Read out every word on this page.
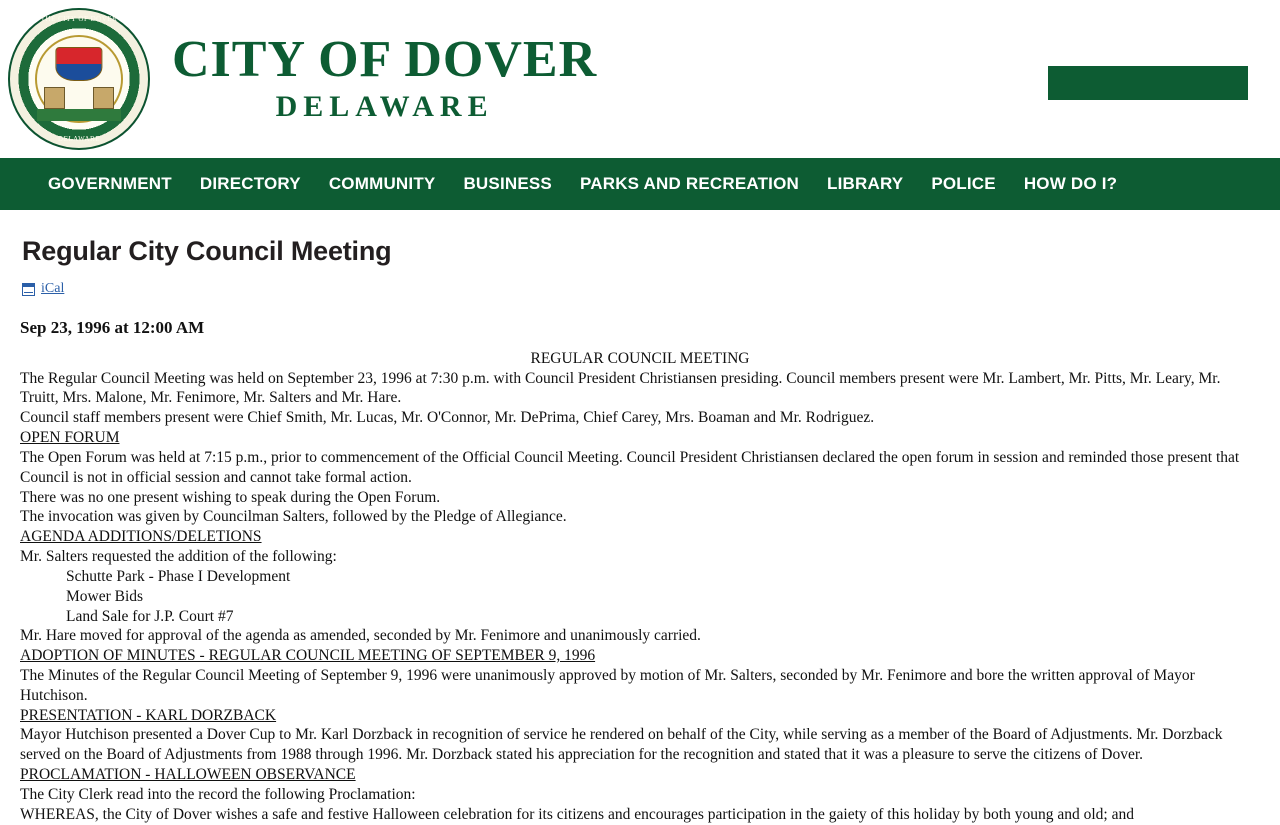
THE CITY OF DOVER
DELAWARE
CITY OF DOVER
DELAWARE
GOVERNMENT	DIRECTORY	COMMUNITY	BUSINESS	PARKS AND RECREATION	LIBRARY	POLICE	HOW DO I?
Regular City Council Meeting
iCal
Sep 23, 1996 at 12:00 AM

REGULAR COUNCIL MEETING

The Regular Council Meeting was held on September 23, 1996 at 7:30 p.m. with Council President Christiansen presiding. Council members present were Mr. Lambert, Mr. Pitts, Mr. Leary, Mr. Truitt, Mrs. Malone, Mr. Fenimore, Mr. Salters and Mr. Hare.

Council staff members present were Chief Smith, Mr. Lucas, Mr. O'Connor, Mr. DePrima, Chief Carey, Mrs. Boaman and Mr. Rodriguez.

OPEN FORUM

The Open Forum was held at 7:15 p.m., prior to commencement of the Official Council Meeting. Council President Christiansen declared the open forum in session and reminded those present that Council is not in official session and cannot take formal action.

There was no one present wishing to speak during the Open Forum.

The invocation was given by Councilman Salters, followed by the Pledge of Allegiance.

AGENDA ADDITIONS/DELETIONS

Mr. Salters requested the addition of the following:

Schutte Park - Phase I Development

Mower Bids

Land Sale for J.P. Court #7

Mr. Hare moved for approval of the agenda as amended, seconded by Mr. Fenimore and unanimously carried.

ADOPTION OF MINUTES - REGULAR COUNCIL MEETING OF SEPTEMBER 9, 1996

The Minutes of the Regular Council Meeting of September 9, 1996 were unanimously approved by motion of Mr. Salters, seconded by Mr. Fenimore and bore the written approval of Mayor Hutchison.

PRESENTATION - KARL DORZBACK

Mayor Hutchison presented a Dover Cup to Mr. Karl Dorzback in recognition of service he rendered on behalf of the City, while serving as a member of the Board of Adjustments. Mr. Dorzback served on the Board of Adjustments from 1988 through 1996. Mr. Dorzback stated his appreciation for the recognition and stated that it was a pleasure to serve the citizens of Dover.

PROCLAMATION - HALLOWEEN OBSERVANCE

The City Clerk read into the record the following Proclamation:

WHEREAS, the City of Dover wishes a safe and festive Halloween celebration for its citizens and encourages participation in the gaiety of this holiday by both young and old; and
